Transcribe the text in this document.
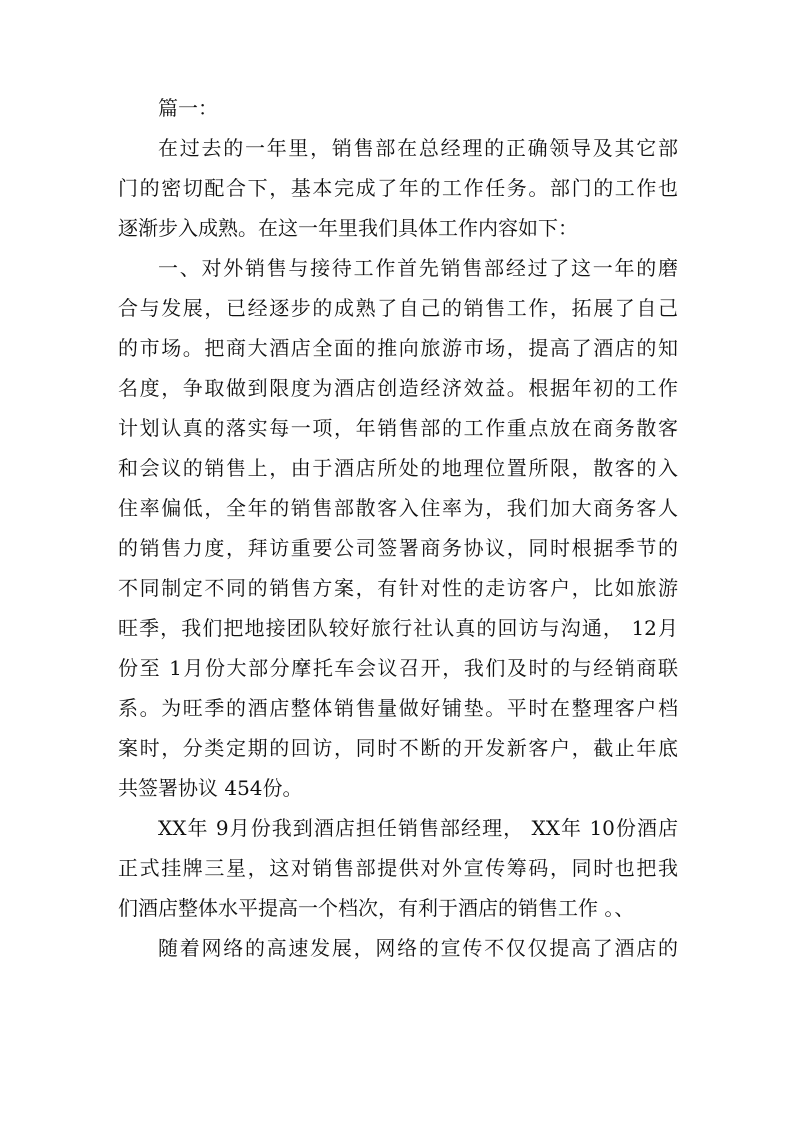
篇一：
在过去的一年里，销售部在总经理的正确领导及其它部
门的密切配合下，基本完成了年的工作任务。部门的工作也
逐渐步入成熟。在这一年里我们具体工作内容如下：
一、对外销售与接待工作首先销售部经过了这一年的磨
合与发展，已经逐步的成熟了自己的销售工作，拓展了自己
的市场。把商大酒店全面的推向旅游市场，提高了酒店的知
名度，争取做到限度为酒店创造经济效益。根据年初的工作
计划认真的落实每一项，年销售部的工作重点放在商务散客
和会议的销售上，由于酒店所处的地理位置所限，散客的入
住率偏低，全年的销售部散客入住率为，我们加大商务客人
的销售力度，拜访重要公司签署商务协议，同时根据季节的
不同制定不同的销售方案，有针对性的走访客户，比如旅游
旺季，我们把地接团队较好旅行社认真的回访与沟通， 12月
份至 1月份大部分摩托车会议召开，我们及时的与经销商联
系。为旺季的酒店整体销售量做好铺垫。平时在整理客户档
案时，分类定期的回访，同时不断的开发新客户，截止年底
共签署协议 454份。
XX年 9月份我到酒店担任销售部经理， XX年 10份酒店
正式挂牌三星，这对销售部提供对外宣传筹码，同时也把我
们酒店整体水平提高一个档次，有利于酒店的销售工作 。、
随着网络的高速发展，网络的宣传不仅仅提高了酒店的
